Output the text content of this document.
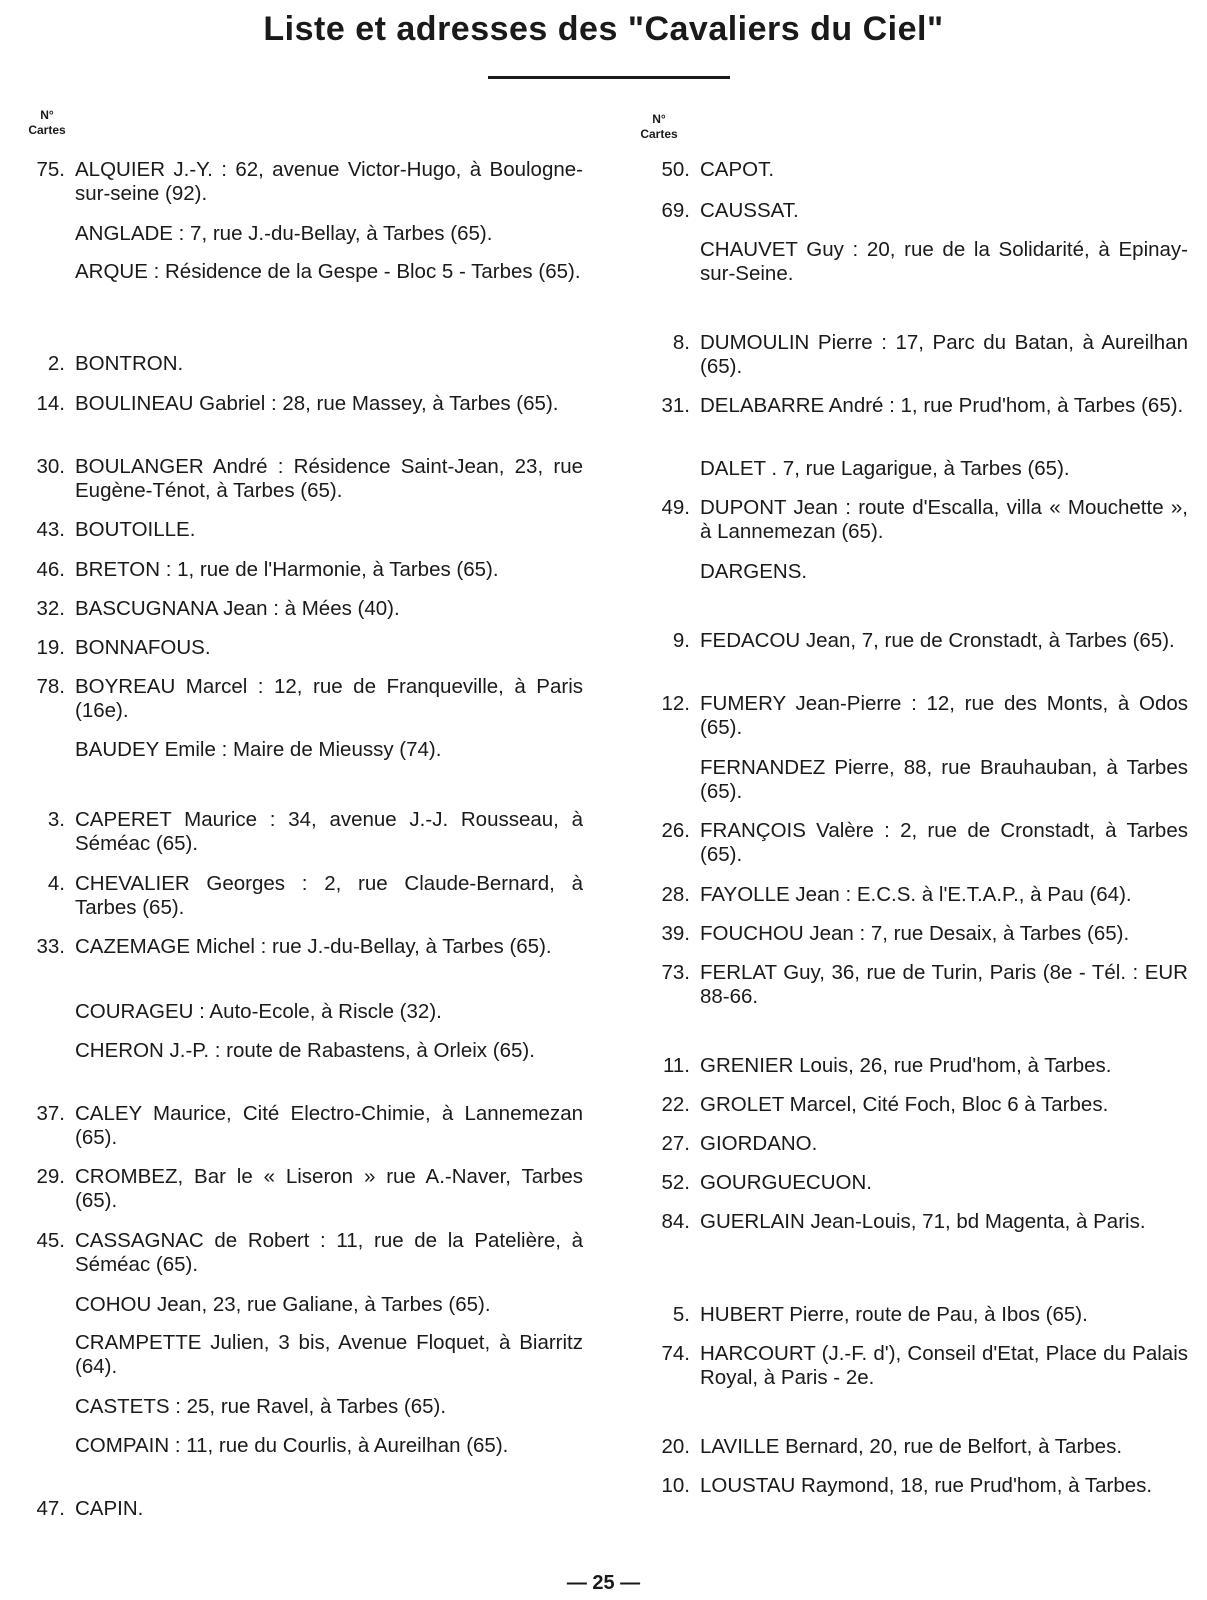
Liste et adresses des "Cavaliers du Ciel"
N°
Cartes
N°
Cartes
75. ALQUIER J.-Y. : 62, avenue Victor-Hugo, à Boulogne-sur-seine (92).
ANGLADE : 7, rue J.-du-Bellay, à Tarbes (65).
ARQUE : Résidence de la Gespe - Bloc 5 - Tarbes (65).
2. BONTRON.
14. BOULINEAU Gabriel : 28, rue Massey, à Tarbes (65).
30. BOULANGER André : Résidence Saint-Jean, 23, rue Eugène-Ténot, à Tarbes (65).
43. BOUTOILLE.
46. BRETON : 1, rue de l'Harmonie, à Tarbes (65).
32. BASCUGNANA Jean : à Mées (40).
19. BONNAFOUS.
78. BOYREAU Marcel : 12, rue de Franqueville, à Paris (16e).
BAUDEY Emile : Maire de Mieussy (74).
3. CAPERET Maurice : 34, avenue J.-J. Rousseau, à Séméac (65).
4. CHEVALIER Georges : 2, rue Claude-Bernard, à Tarbes (65).
33. CAZEMAGE Michel : rue J.-du-Bellay, à Tarbes (65).
COURAGEU : Auto-Ecole, à Riscle (32).
CHERON J.-P. : route de Rabastens, à Orleix (65).
37. CALEY Maurice, Cité Electro-Chimie, à Lannemezan (65).
29. CROMBEZ, Bar le « Liseron » rue A.-Naver, Tarbes (65).
45. CASSAGNAC de Robert : 11, rue de la Patelière, à Séméac (65).
COHOU Jean, 23, rue Galiane, à Tarbes (65).
CRAMPETTE Julien, 3 bis, Avenue Floquet, à Biarritz (64).
CASTETS : 25, rue Ravel, à Tarbes (65).
COMPAIN : 11, rue du Courlis, à Aureilhan (65).
47. CAPIN.
50. CAPOT.
69. CAUSSAT.
CHAUVET Guy : 20, rue de la Solidarité, à Epinay-sur-Seine.
8. DUMOULIN Pierre : 17, Parc du Batan, à Aureilhan (65).
31. DELABARRE André : 1, rue Prud'hom, à Tarbes (65).
DALET . 7, rue Lagarigue, à Tarbes (65).
49. DUPONT Jean : route d'Escalla, villa « Mouchette », à Lannemezan (65).
DARGENS.
9. FEDACOU Jean, 7, rue de Cronstadt, à Tarbes (65).
12. FUMERY Jean-Pierre : 12, rue des Monts, à Odos (65).
FERNANDEZ Pierre, 88, rue Brauhauban, à Tarbes (65).
26. FRANÇOIS Valère : 2, rue de Cronstadt, à Tarbes (65).
28. FAYOLLE Jean : E.C.S. à l'E.T.A.P., à Pau (64).
39. FOUCHOU Jean : 7, rue Desaix, à Tarbes (65).
73. FERLAT Guy, 36, rue de Turin, Paris (8e - Tél. : EUR 88-66.
11. GRENIER Louis, 26, rue Prud'hom, à Tarbes.
22. GROLET Marcel, Cité Foch, Bloc 6 à Tarbes.
27. GIORDANO.
52. GOURGUECUON.
84. GUERLAIN Jean-Louis, 71, bd Magenta, à Paris.
5. HUBERT Pierre, route de Pau, à Ibos (65).
74. HARCOURT (J.-F. d'), Conseil d'Etat, Place du Palais Royal, à Paris - 2e.
20. LAVILLE Bernard, 20, rue de Belfort, à Tarbes.
10. LOUSTAU Raymond, 18, rue Prud'hom, à Tarbes.
— 25 —
